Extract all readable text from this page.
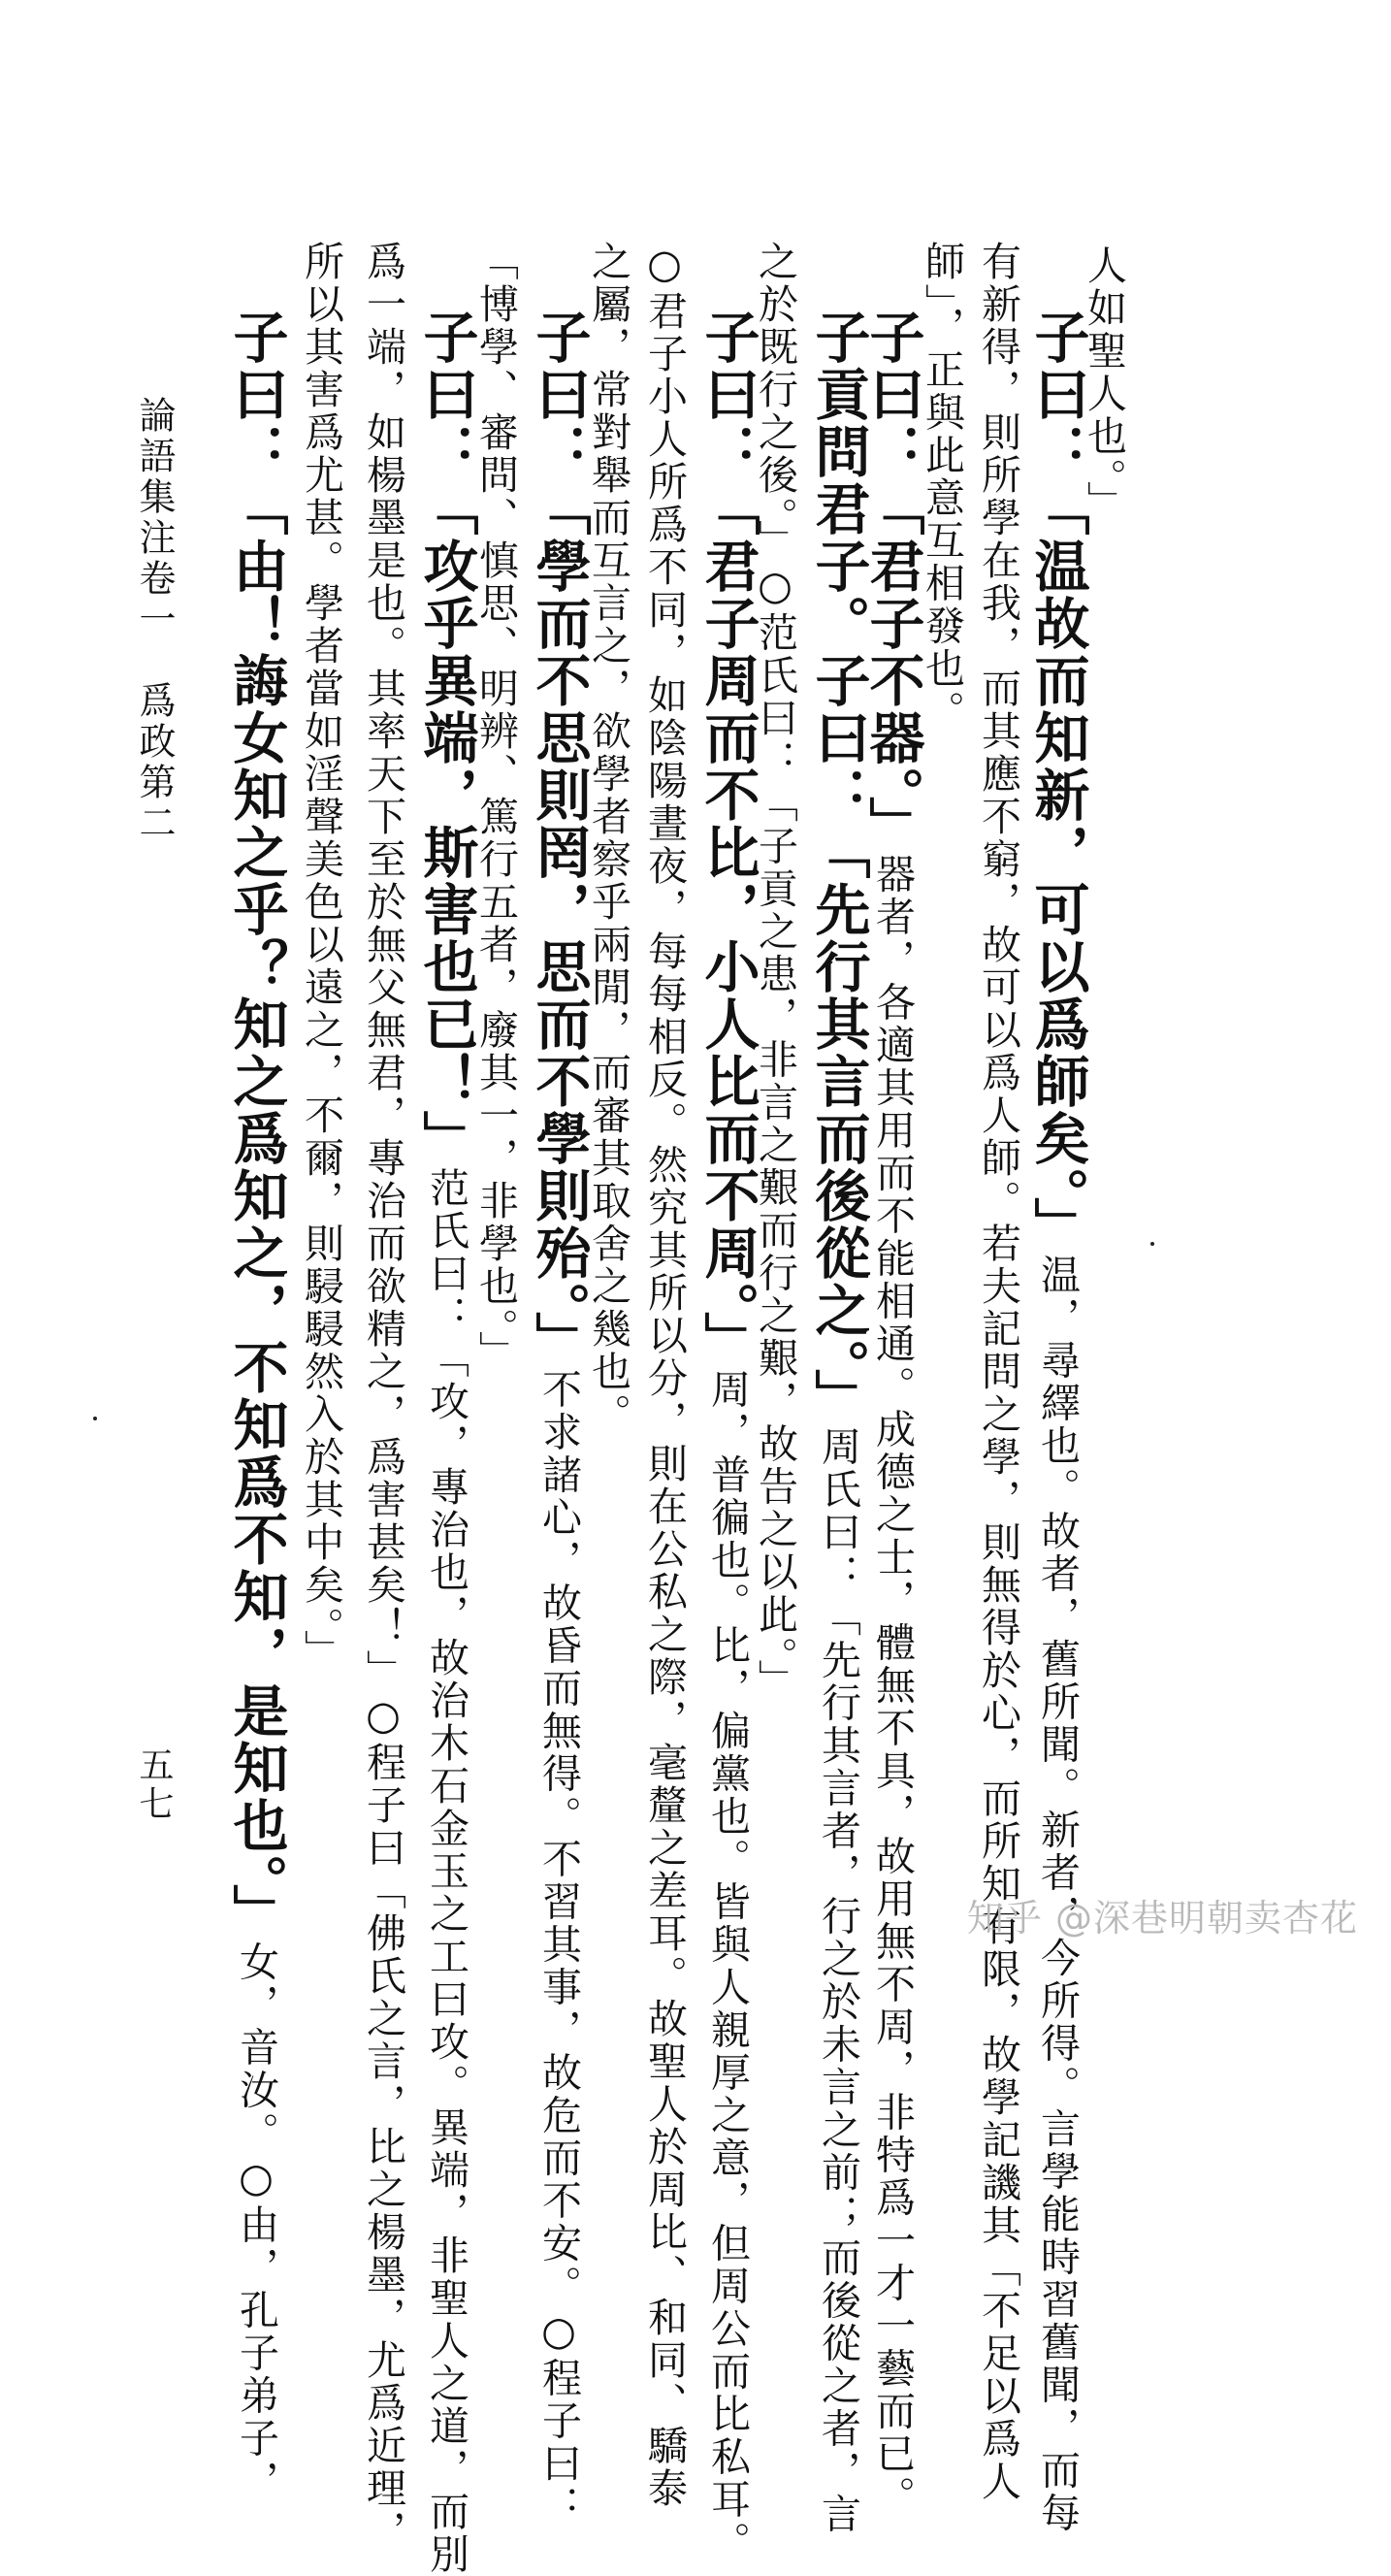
人如聖人也。」
子曰：「温故而知新，可以爲師矣。」温，尋繹也。故者，舊所聞。新者，今所得。言學能時習舊聞，而每
有新得，則所學在我，而其應不窮，故可以爲人師。若夫記問之學，則無得於心，而所知有限，故學記譏其「不足以爲人
師」，正與此意互相發也。
子曰：「君子不器。」器者，各適其用而不能相通。成德之士，體無不具，故用無不周，非特爲一才一藝而已。
子貢問君子。子曰：「先行其言而後從之。」周氏曰：「先行其言者，行之於未言之前；而後從之者，言
之於既行之後。」○范氏曰：「子貢之患，非言之艱而行之艱，故告之以此。」
子曰：「君子周而不比，小人比而不周。」周，普徧也。比，偏黨也。皆與人親厚之意，但周公而比私耳。
○君子小人所爲不同，如陰陽晝夜，每每相反。然究其所以分，則在公私之際，毫釐之差耳。故聖人於周比、和同、驕泰
之屬，常對舉而互言之，欲學者察乎兩閒，而審其取舍之幾也。
子曰：「學而不思則罔，思而不學則殆。」不求諸心，故昏而無得。不習其事，故危而不安。○程子曰：
「博學、審問、慎思、明辨、篤行五者，廢其一，非學也。」
子曰：「攻乎異端，斯害也已！」范氏曰：「攻，專治也，故治木石金玉之工曰攻。異端，非聖人之道，而別
爲一端，如楊墨是也。其率天下至於無父無君，專治而欲精之，爲害甚矣！」○程子曰「佛氏之言，比之楊墨，尤爲近理，
所以其害爲尤甚。學者當如淫聲美色以遠之，不爾，則駸駸然入於其中矣。」
子曰：「由！誨女知之乎？知之爲知之，不知爲不知，是知也。」女，音汝。○由，孔子弟子，
論語集注卷一　爲政第二
五七
知乎 @深巷明朝卖杏花
